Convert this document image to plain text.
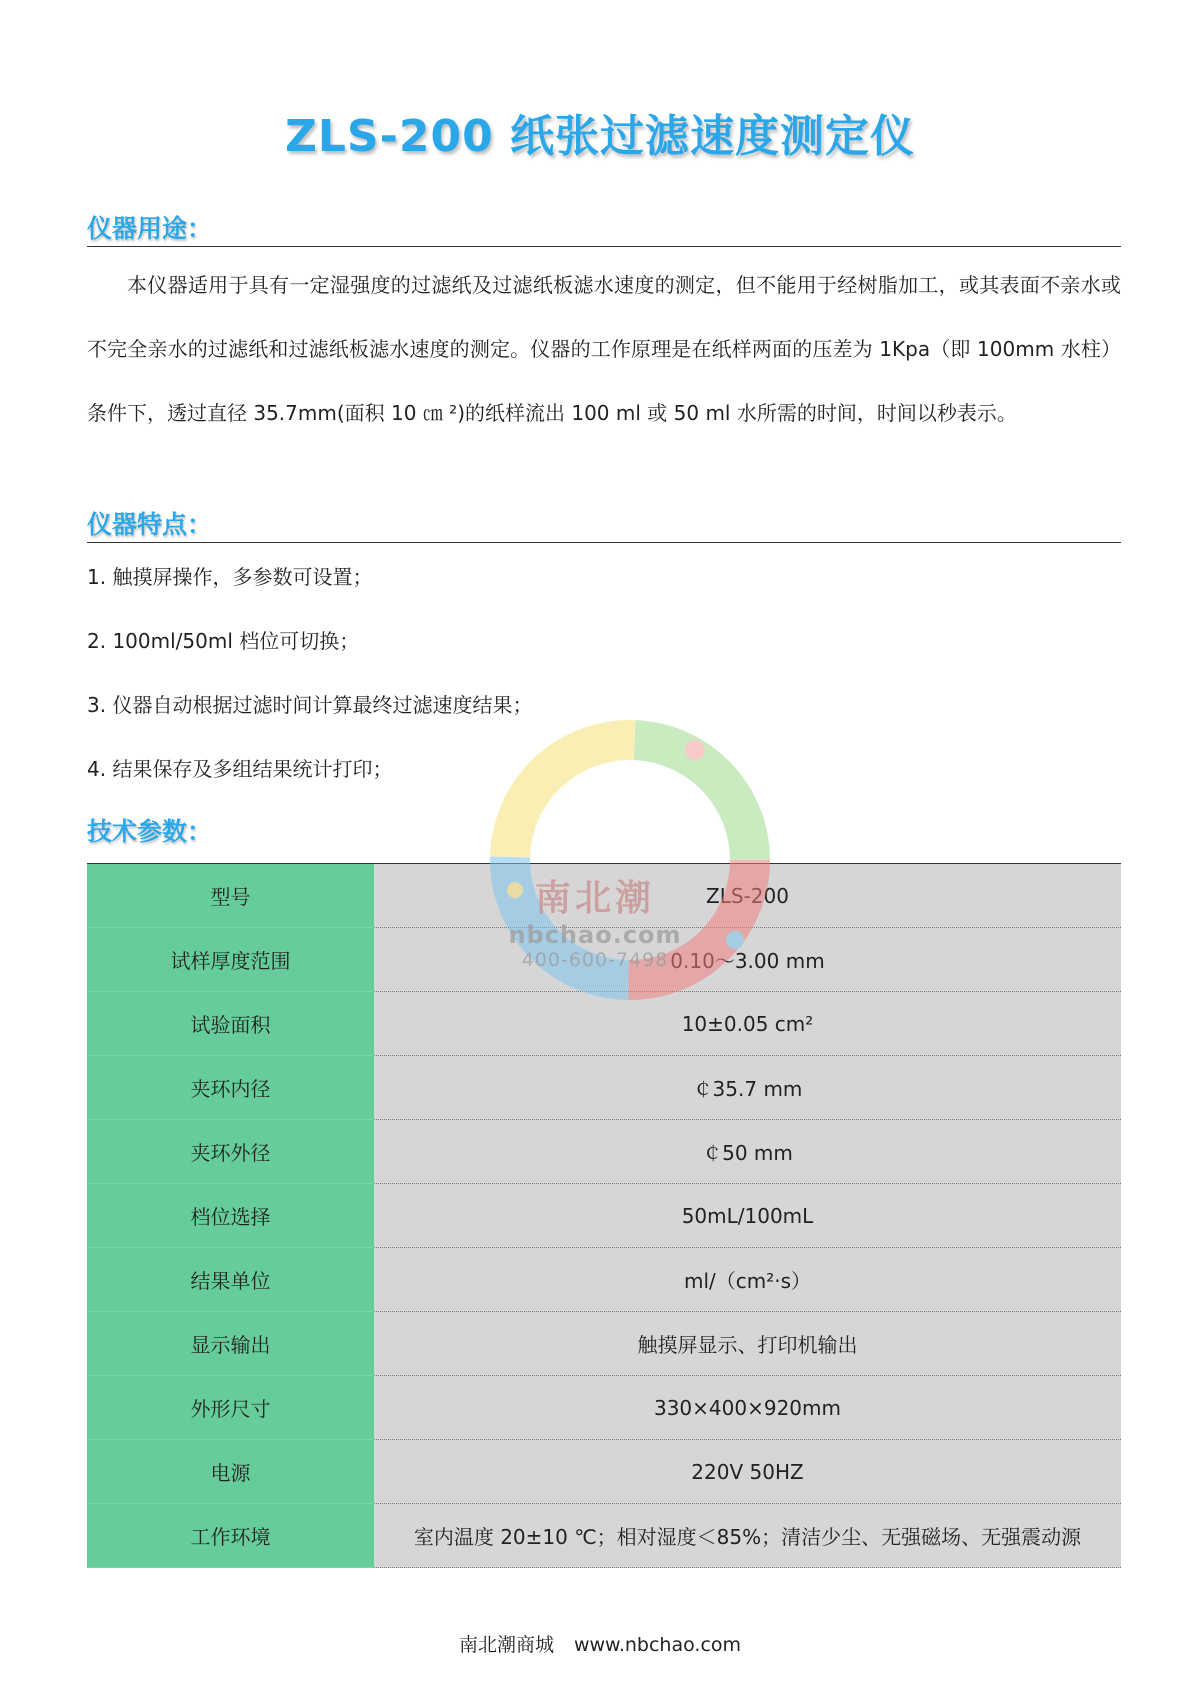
ZLS-200 纸张过滤速度测定仪
仪器用途：
本仪器适用于具有一定湿强度的过滤纸及过滤纸板滤水速度的测定，但不能用于经树脂加工，或其表面不亲水或不完全亲水的过滤纸和过滤纸板滤水速度的测定。仪器的工作原理是在纸样两面的压差为 1Kpa（即 100mm 水柱）条件下，透过直径 35.7mm(面积 10 ㎝ ²)的纸样流出 100 ml 或 50 ml 水所需的时间，时间以秒表示。
仪器特点：
1. 触摸屏操作，多参数可设置；
2. 100ml/50ml 档位可切换；
3. 仪器自动根据过滤时间计算最终过滤速度结果；
4. 结果保存及多组结果统计打印；
技术参数：
型号	ZLS-200
试样厚度范围	0.10～3.00 mm
试验面积	10±0.05 cm²
夹环内径	￠35.7 mm
夹环外径	￠50 mm
档位选择	50mL/100mL
结果单位	ml/（cm²·s）
显示输出	触摸屏显示、打印机输出
外形尺寸	330×400×920mm
电源	220V 50HZ
工作环境	室内温度 20±10 ℃；相对湿度＜85%；清洁少尘、无强磁场、无强震动源
南北潮
nbchao.com
400-600-7498
南北潮商城 www.nbchao.com
